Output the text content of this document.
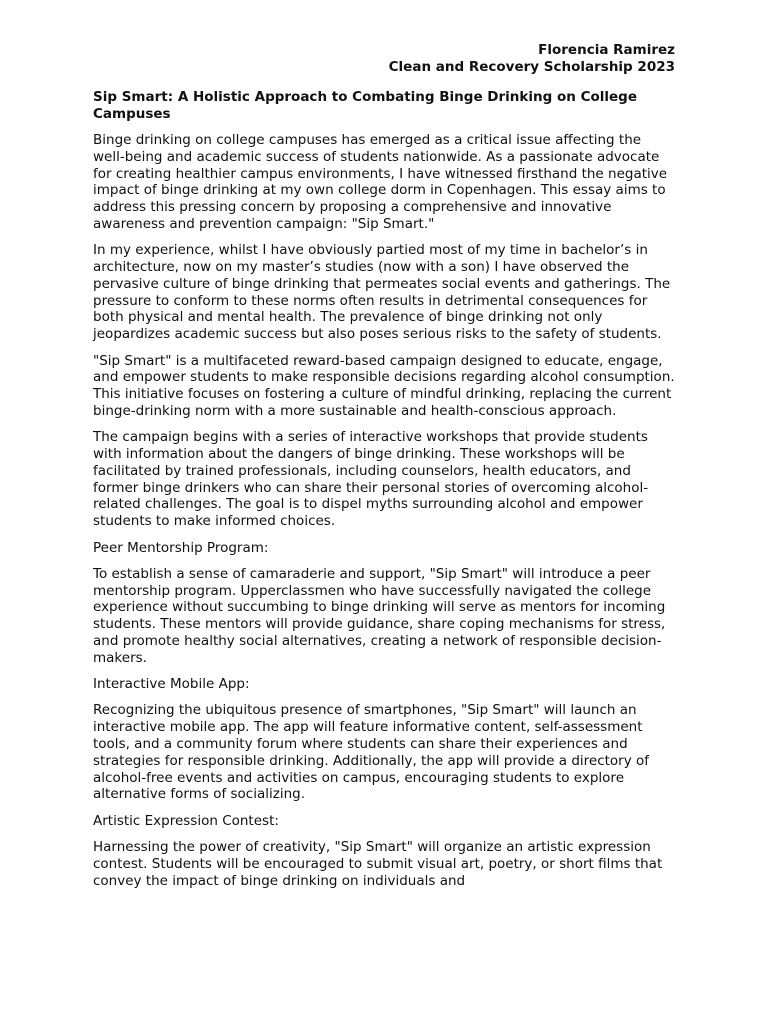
Florencia Ramirez
Clean and Recovery Scholarship 2023
Sip Smart: A Holistic Approach to Combating Binge Drinking on College Campuses

Binge drinking on college campuses has emerged as a critical issue affecting the well-being and academic success of students nationwide. As a passionate advocate for creating healthier campus environments, I have witnessed firsthand the negative impact of binge drinking at my own college dorm in Copenhagen. This essay aims to address this pressing concern by proposing a comprehensive and innovative awareness and prevention campaign: "Sip Smart."

In my experience, whilst I have obviously partied most of my time in bachelor’s in architecture, now on my master’s studies (now with a son) I have observed the pervasive culture of binge drinking that permeates social events and gatherings. The pressure to conform to these norms often results in detrimental consequences for both physical and mental health. The prevalence of binge drinking not only jeopardizes academic success but also poses serious risks to the safety of students.

"Sip Smart" is a multifaceted reward-based campaign designed to educate, engage, and empower students to make responsible decisions regarding alcohol consumption. This initiative focuses on fostering a culture of mindful drinking, replacing the current binge-drinking norm with a more sustainable and health-conscious approach.

The campaign begins with a series of interactive workshops that provide students with information about the dangers of binge drinking. These workshops will be facilitated by trained professionals, including counselors, health educators, and former binge drinkers who can share their personal stories of overcoming alcohol-related challenges. The goal is to dispel myths surrounding alcohol and empower students to make informed choices.

Peer Mentorship Program:

To establish a sense of camaraderie and support, "Sip Smart" will introduce a peer mentorship program. Upperclassmen who have successfully navigated the college experience without succumbing to binge drinking will serve as mentors for incoming students. These mentors will provide guidance, share coping mechanisms for stress, and promote healthy social alternatives, creating a network of responsible decision-makers.

Interactive Mobile App:

Recognizing the ubiquitous presence of smartphones, "Sip Smart" will launch an interactive mobile app. The app will feature informative content, self-assessment tools, and a community forum where students can share their experiences and strategies for responsible drinking. Additionally, the app will provide a directory of alcohol-free events and activities on campus, encouraging students to explore alternative forms of socializing.

Artistic Expression Contest:

Harnessing the power of creativity, "Sip Smart" will organize an artistic expression contest. Students will be encouraged to submit visual art, poetry, or short films that convey the impact of binge drinking on individuals and
